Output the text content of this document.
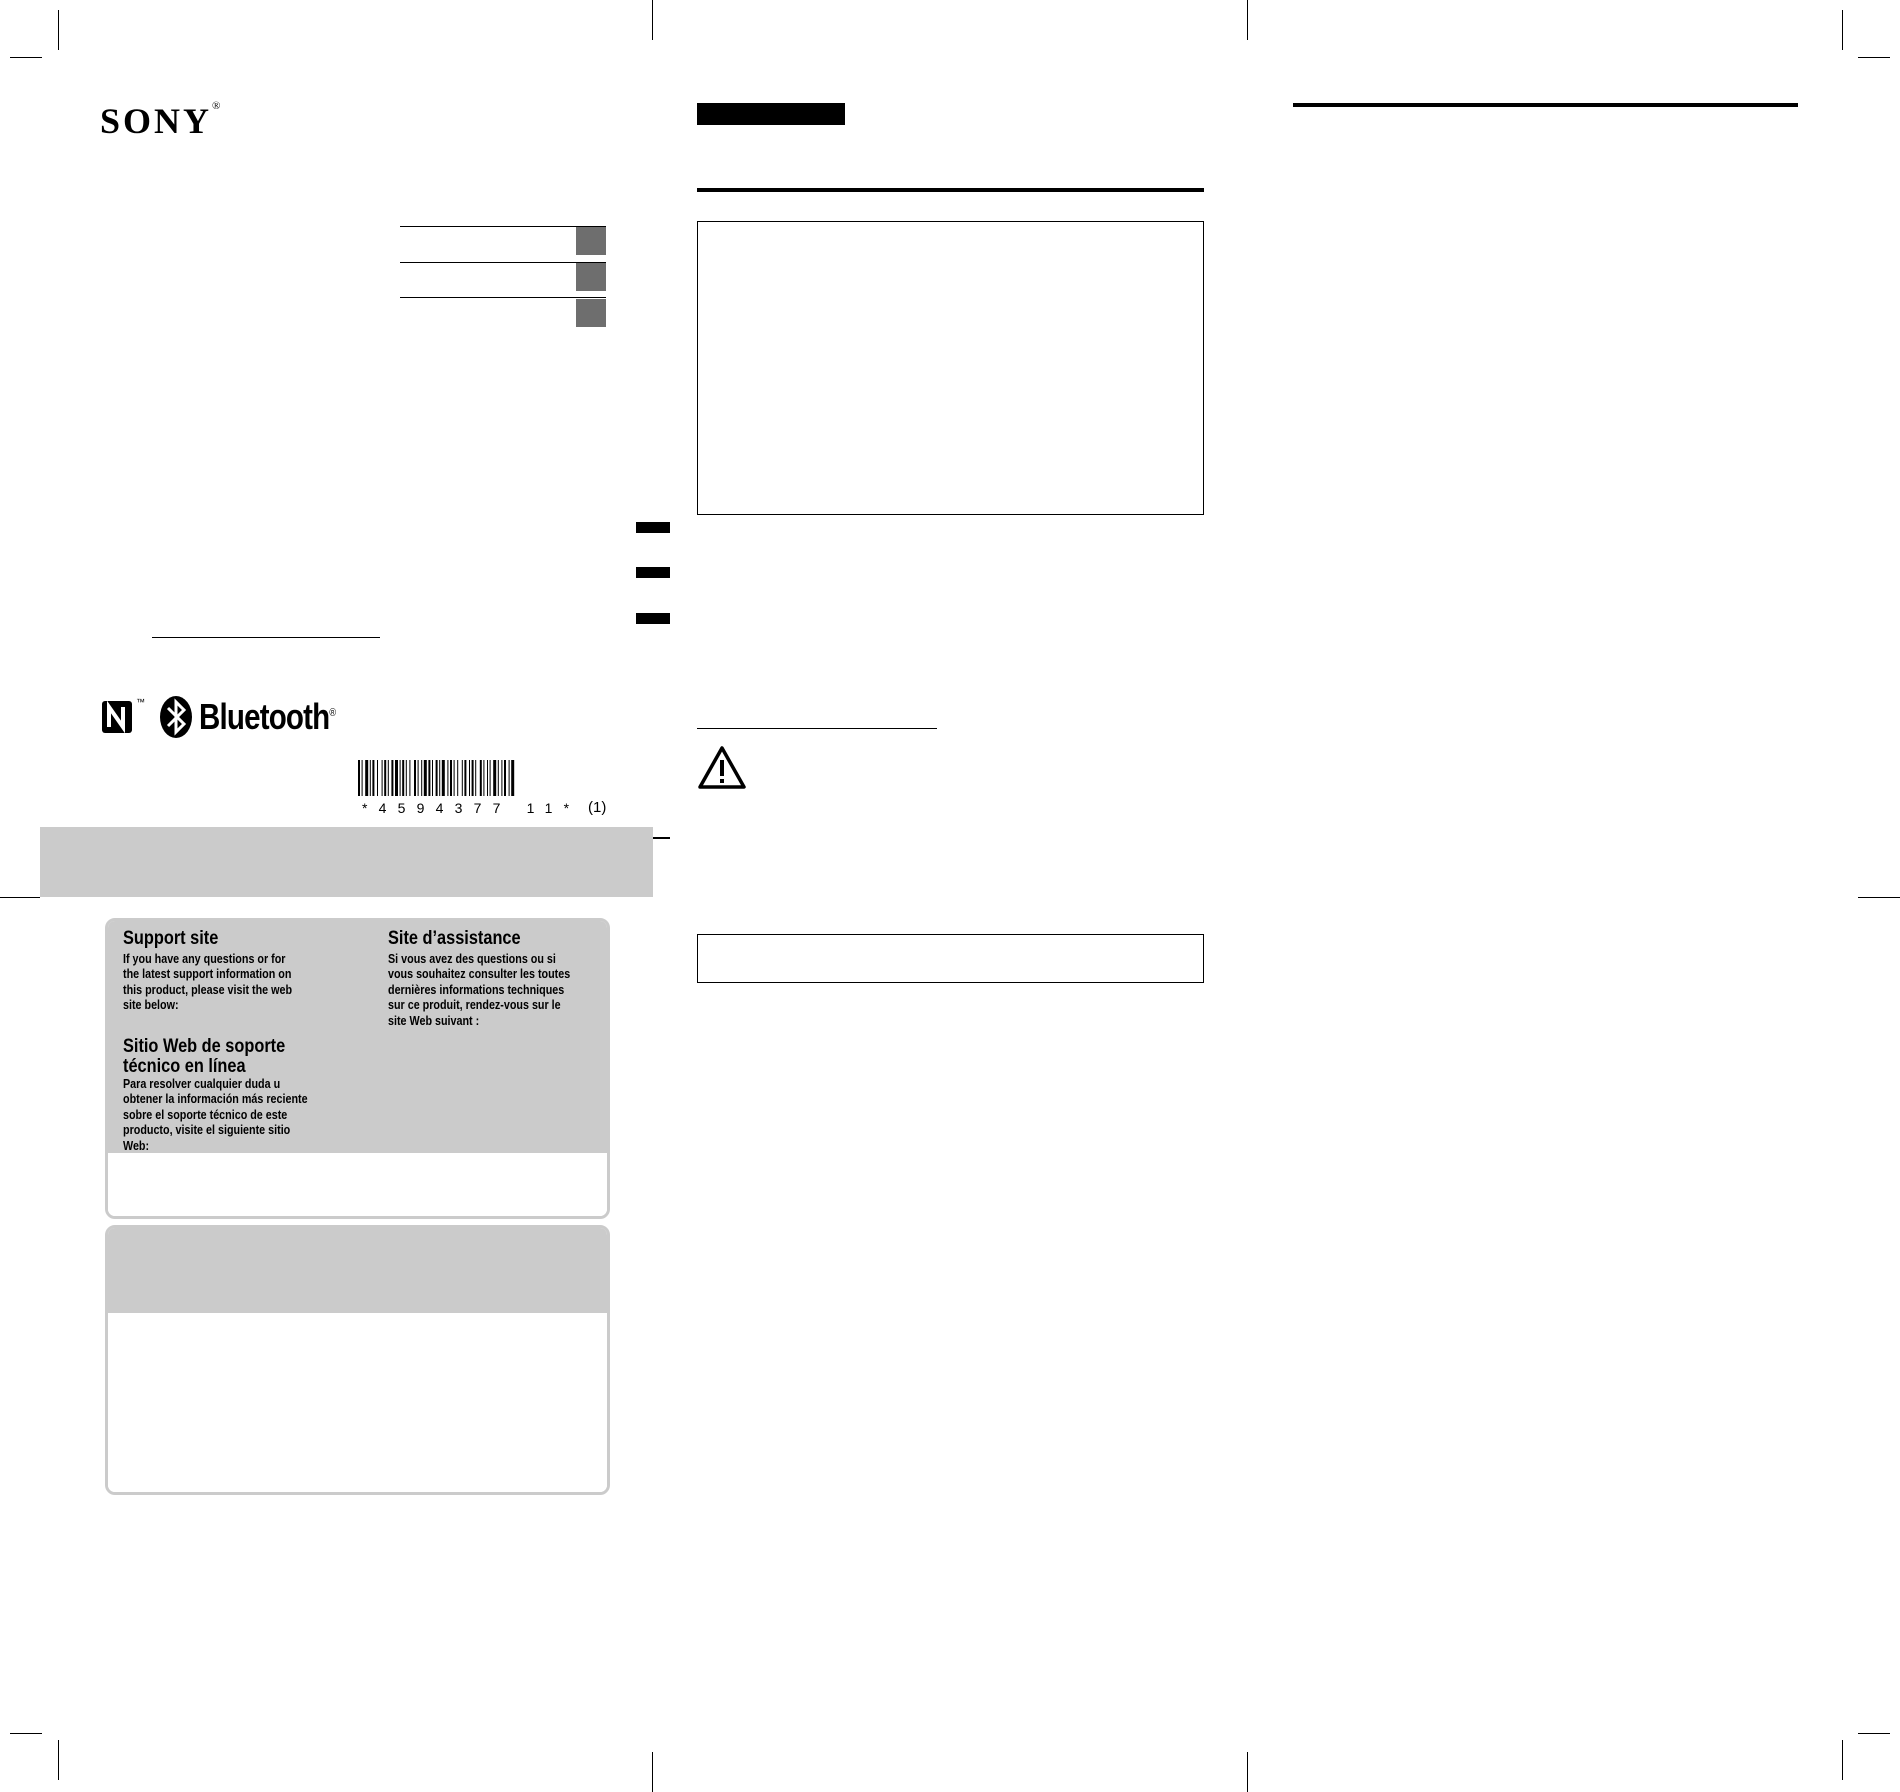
SONY®
™ Bluetooth®
*4594377 11* (1)
Support site
If you have any questions or for the latest support information on this product, please visit the web site below:
Site d’assistance
Si vous avez des questions ou si vous souhaitez consulter les toutes dernières informations techniques sur ce produit, rendez-vous sur le site Web suivant :
Sitio Web de soporte
técnico en línea
Para resolver cualquier duda u obtener la información más reciente sobre el soporte técnico de este producto, visite el siguiente sitio Web:
